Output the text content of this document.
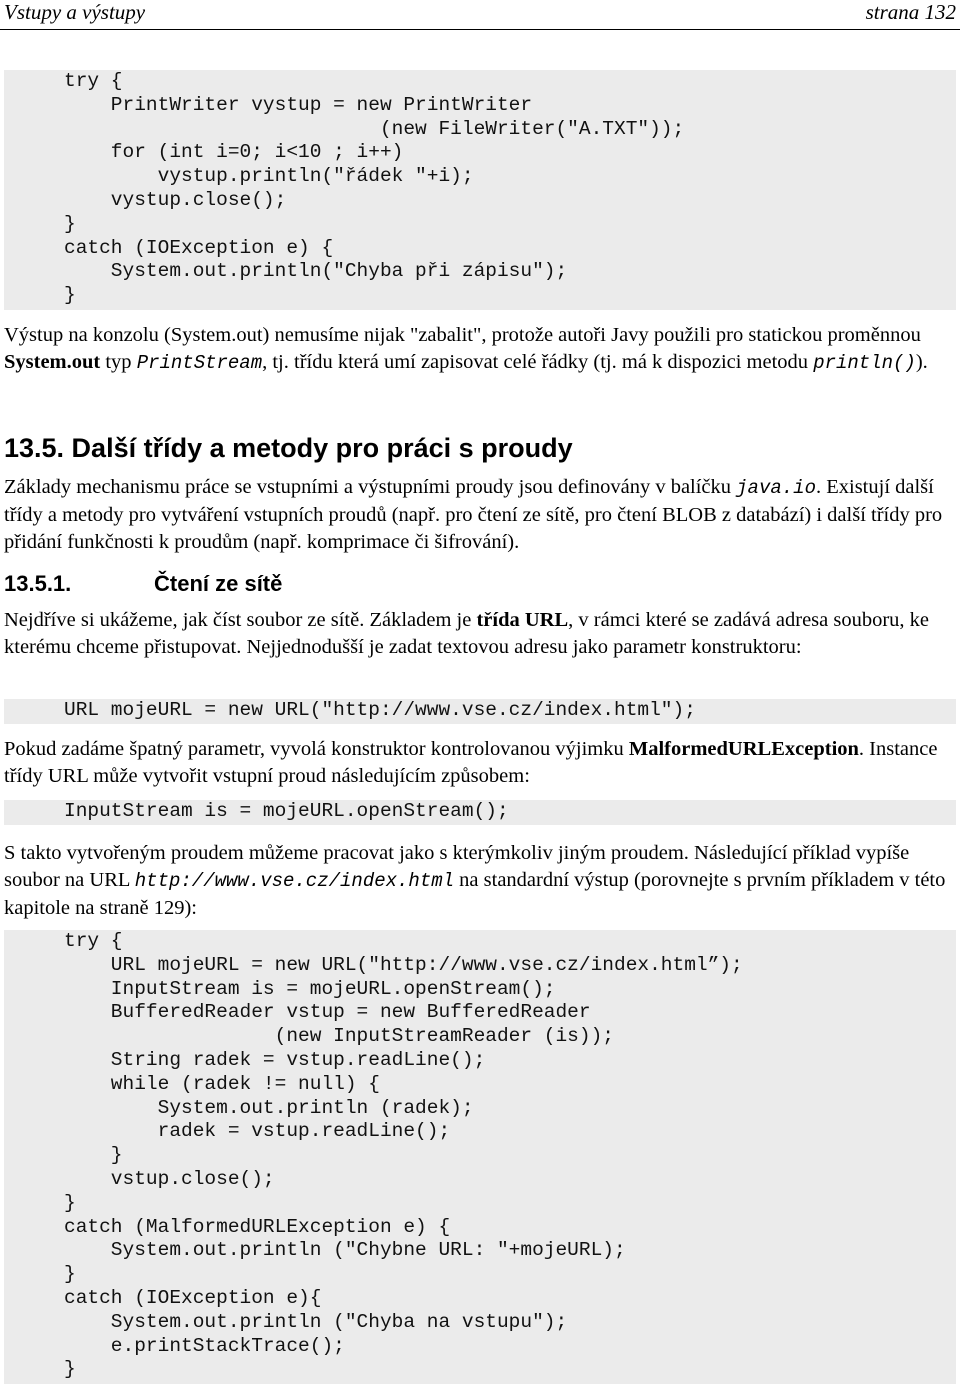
Vstupy a výstupy	strana 132
try {
PrintWriter vystup = new PrintWriter
(new FileWriter("A.TXT"));
for (int i=0; i<10 ; i++)
vystup.println("řádek "+i);
vystup.close();
}
catch (IOException e) {
System.out.println("Chyba při zápisu");
}
Výstup na konzolu (System.out) nemusíme nijak "zabalit", protože autoři Javy použili pro statickou proměnnou System.out typ PrintStream, tj. třídu která umí zapisovat celé řádky (tj. má k dispozici metodu println()).
13.5. Další třídy a metody pro práci s proudy
Základy mechanismu práce se vstupními a výstupními proudy jsou definovány v balíčku java.io. Existují další třídy a metody pro vytváření vstupních proudů (např. pro čtení ze sítě, pro čtení BLOB z databází) i další třídy pro přidání funkčnosti k proudům (např. komprimace či šifrování).
13.5.1.	Čtení ze sítě
Nejdříve si ukážeme, jak číst soubor ze sítě. Základem je třída URL, v rámci které se zadává adresa souboru, ke kterému chceme přistupovat. Nejjednodušší je zadat textovou adresu jako parametr konstruktoru:
URL mojeURL = new URL("http://www.vse.cz/index.html");
Pokud zadáme špatný parametr, vyvolá konstruktor kontrolovanou výjimku MalformedURLException. Instance třídy URL může vytvořit vstupní proud následujícím způsobem:
InputStream is = mojeURL.openStream();
S takto vytvořeným proudem můžeme pracovat jako s kterýmkoliv jiným proudem. Následující příklad vypíše soubor na URL http://www.vse.cz/index.html na standardní výstup (porovnejte s prvním příkladem v této kapitole na straně 129):
try {
URL mojeURL = new URL("http://www.vse.cz/index.html”);
InputStream is = mojeURL.openStream();
BufferedReader vstup = new BufferedReader
(new InputStreamReader (is));
String radek = vstup.readLine();
while (radek != null) {
System.out.println (radek);
radek = vstup.readLine();
}
vstup.close();
}
catch (MalformedURLException e) {
System.out.println ("Chybne URL: "+mojeURL);
}
catch (IOException e){
System.out.println ("Chyba na vstupu");
e.printStackTrace();
}
